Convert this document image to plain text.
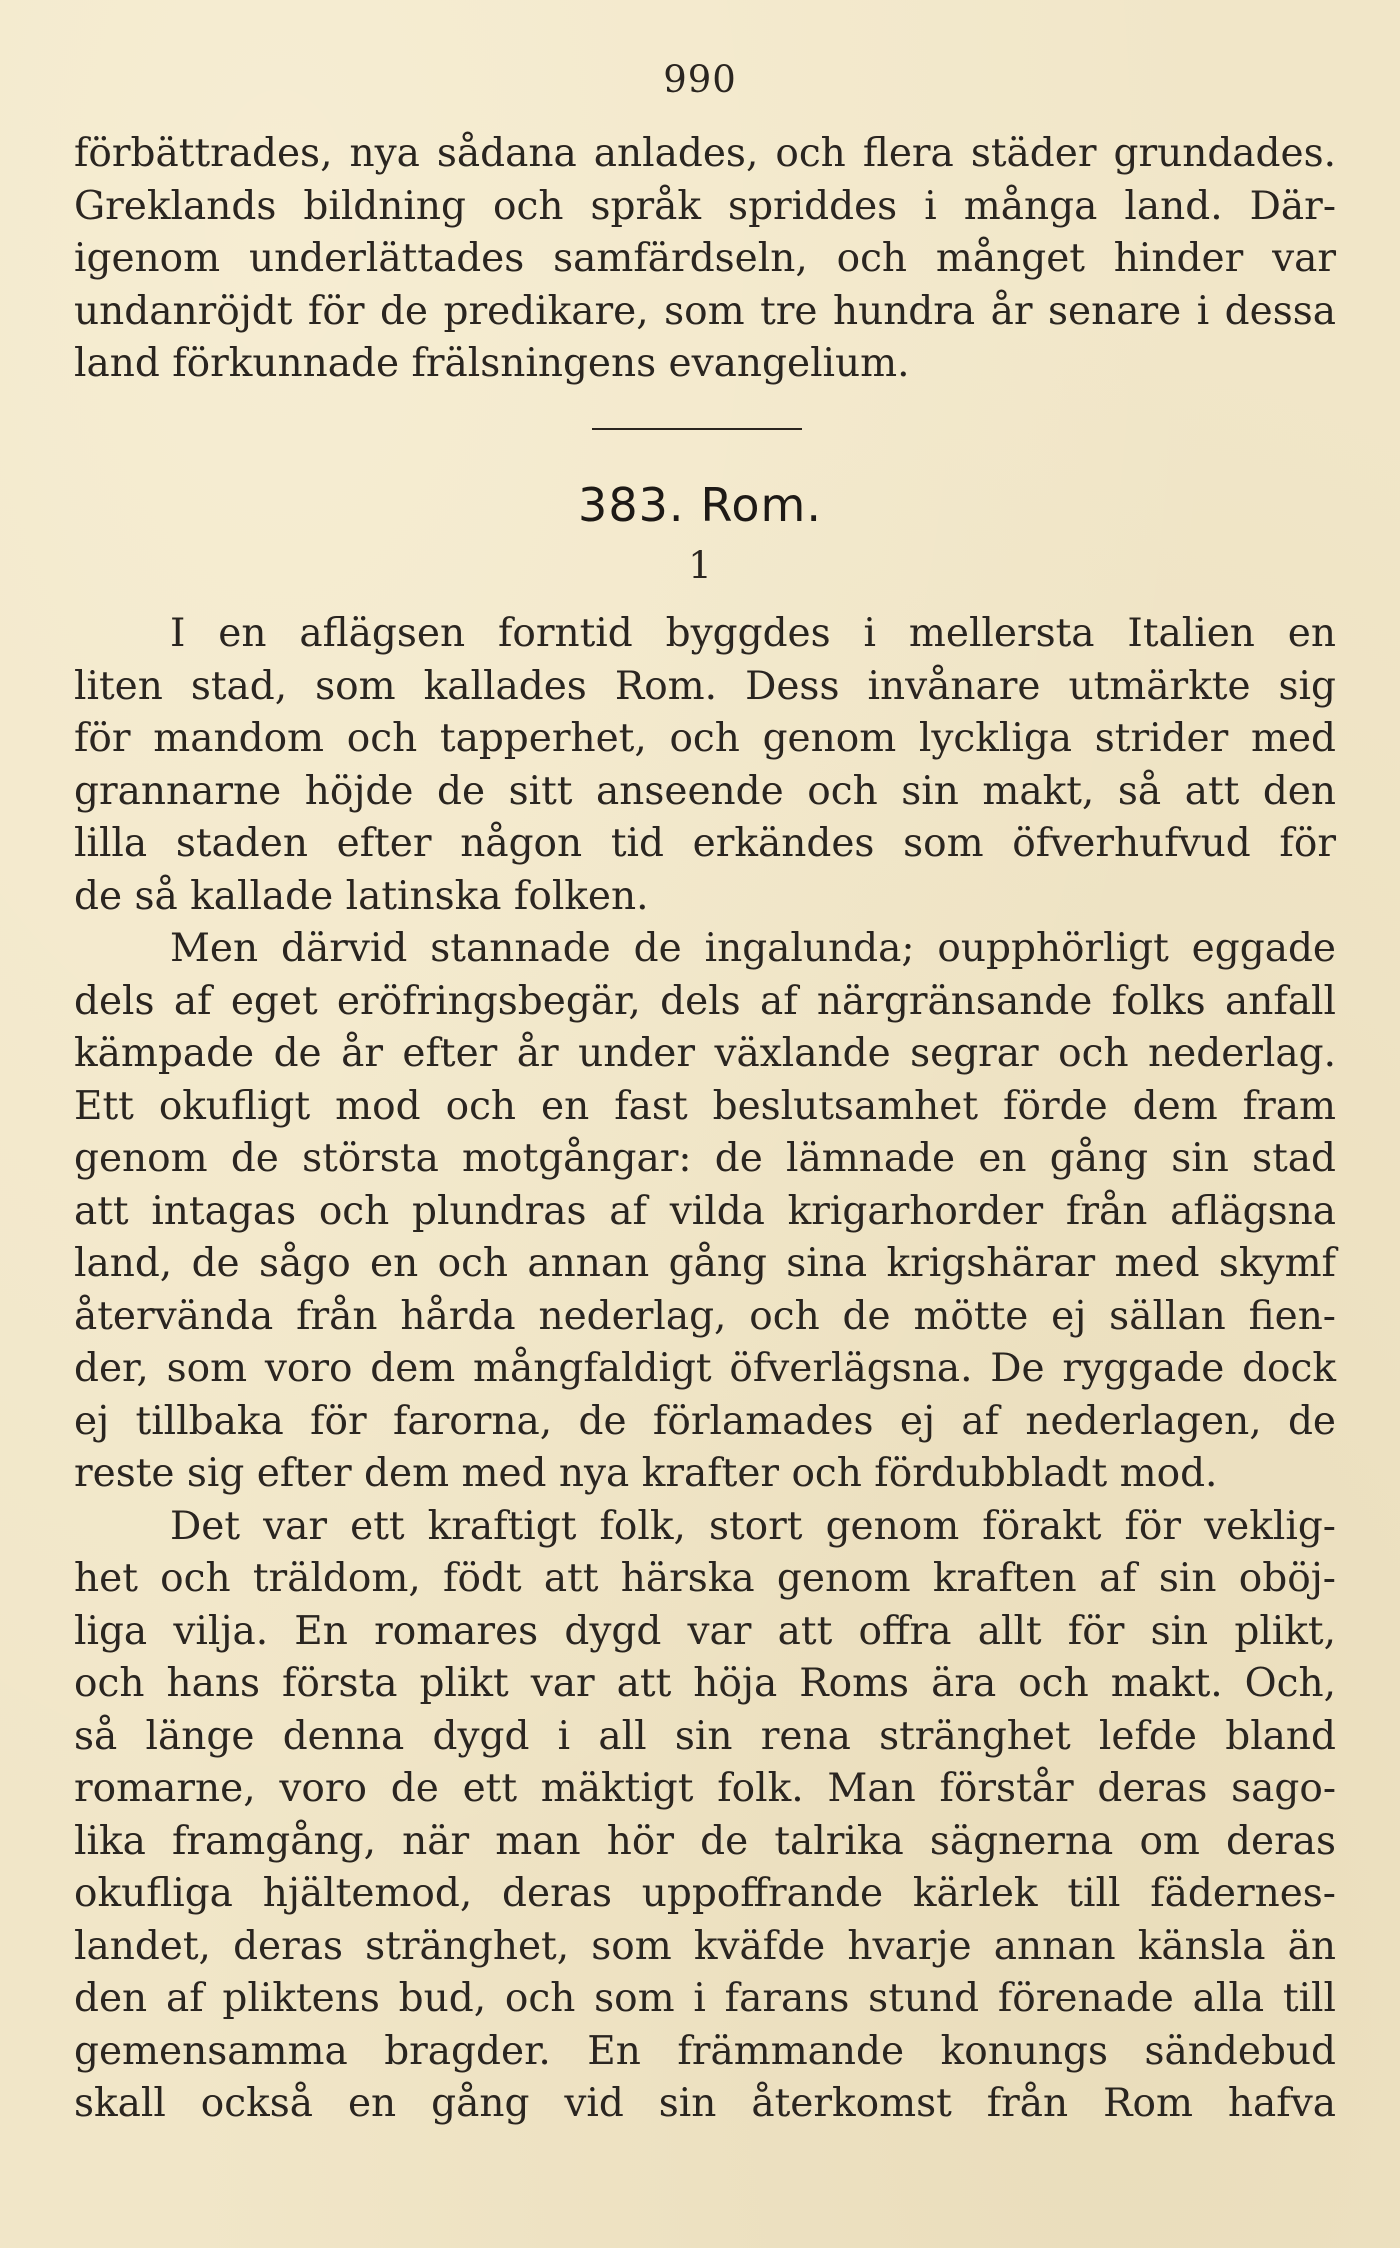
990
förbättrades, nya sådana anlades, och flera städer grundades.
Greklands bildning och språk spriddes i många land. Där-
igenom underlättades samfärdseln, och månget hinder var
undanröjdt för de predikare, som tre hundra år senare i dessa
land förkunnade frälsningens evangelium.
383. Rom.
1
I en aflägsen forntid byggdes i mellersta Italien en
liten stad, som kallades Rom. Dess invånare utmärkte sig
för mandom och tapperhet, och genom lyckliga strider med
grannarne höjde de sitt anseende och sin makt, så att den
lilla staden efter någon tid erkändes som öfverhufvud för
de så kallade latinska folken.
Men därvid stannade de ingalunda; oupphörligt eggade
dels af eget eröfringsbegär, dels af närgränsande folks anfall
kämpade de år efter år under växlande segrar och nederlag.
Ett okufligt mod och en fast beslutsamhet förde dem fram
genom de största motgångar: de lämnade en gång sin stad
att intagas och plundras af vilda krigarhorder från aflägsna
land, de sågo en och annan gång sina krigshärar med skymf
återvända från hårda nederlag, och de mötte ej sällan fien-
der, som voro dem mångfaldigt öfverlägsna. De ryggade dock
ej tillbaka för farorna, de förlamades ej af nederlagen, de
reste sig efter dem med nya krafter och fördubbladt mod.
Det var ett kraftigt folk, stort genom förakt för veklig-
het och träldom, födt att härska genom kraften af sin oböj-
liga vilja. En romares dygd var att offra allt för sin plikt,
och hans första plikt var att höja Roms ära och makt. Och,
så länge denna dygd i all sin rena stränghet lefde bland
romarne, voro de ett mäktigt folk. Man förstår deras sago-
lika framgång, när man hör de talrika sägnerna om deras
okufliga hjältemod, deras uppoffrande kärlek till fädernes-
landet, deras stränghet, som kväfde hvarje annan känsla än
den af pliktens bud, och som i farans stund förenade alla till
gemensamma bragder. En främmande konungs sändebud
skall också en gång vid sin återkomst från Rom hafva
